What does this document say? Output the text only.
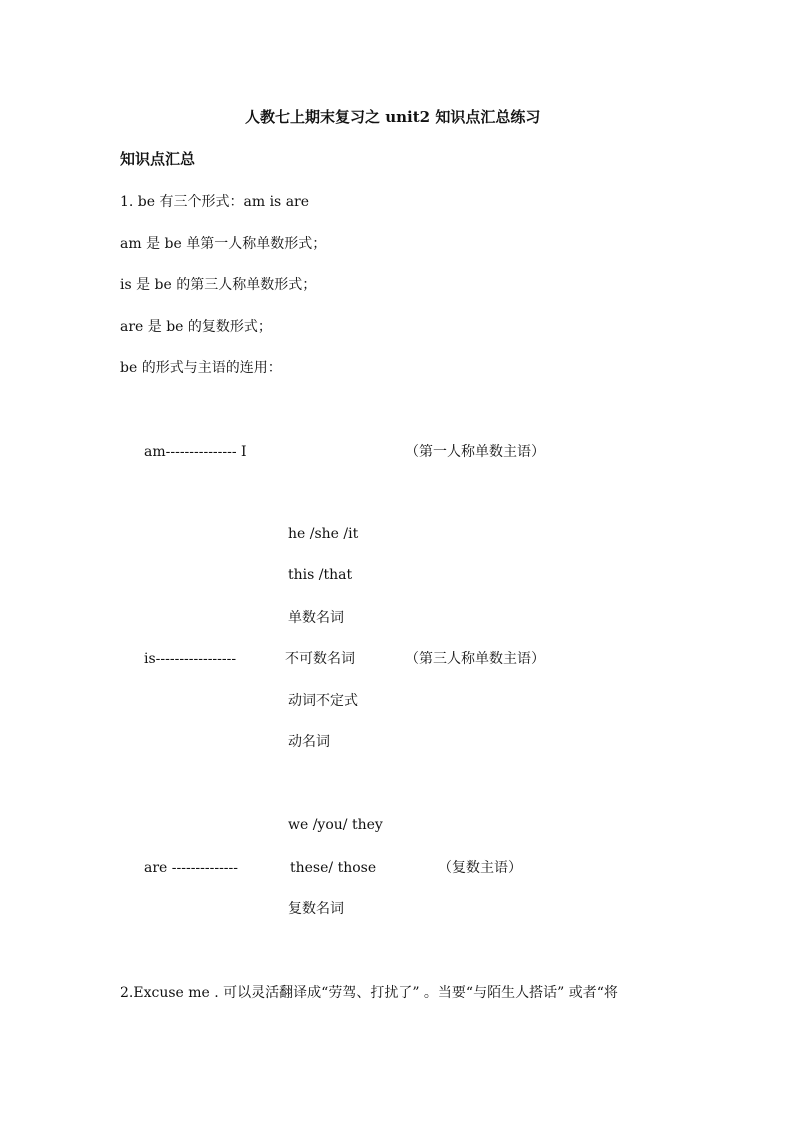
人教七上期末复习之 unit2 知识点汇总练习
知识点汇总
1. be 有三个形式：am is are
am 是 be 单第一人称单数形式；
is 是 be 的第三人称单数形式；
are 是 be 的复数形式；
be 的形式与主语的连用：
am--------------- I	（第一人称单数主语）
he /she /it
this /that
单数名词
is-----------------	不可数名词	（第三人称单数主语）
动词不定式
动名词
we /you/ they
are --------------	these/ those	（复数主语）
复数名词
2.Excuse me . 可以灵活翻译成“劳驾、打扰了” 。当要“与陌生人搭话” 或者“将
